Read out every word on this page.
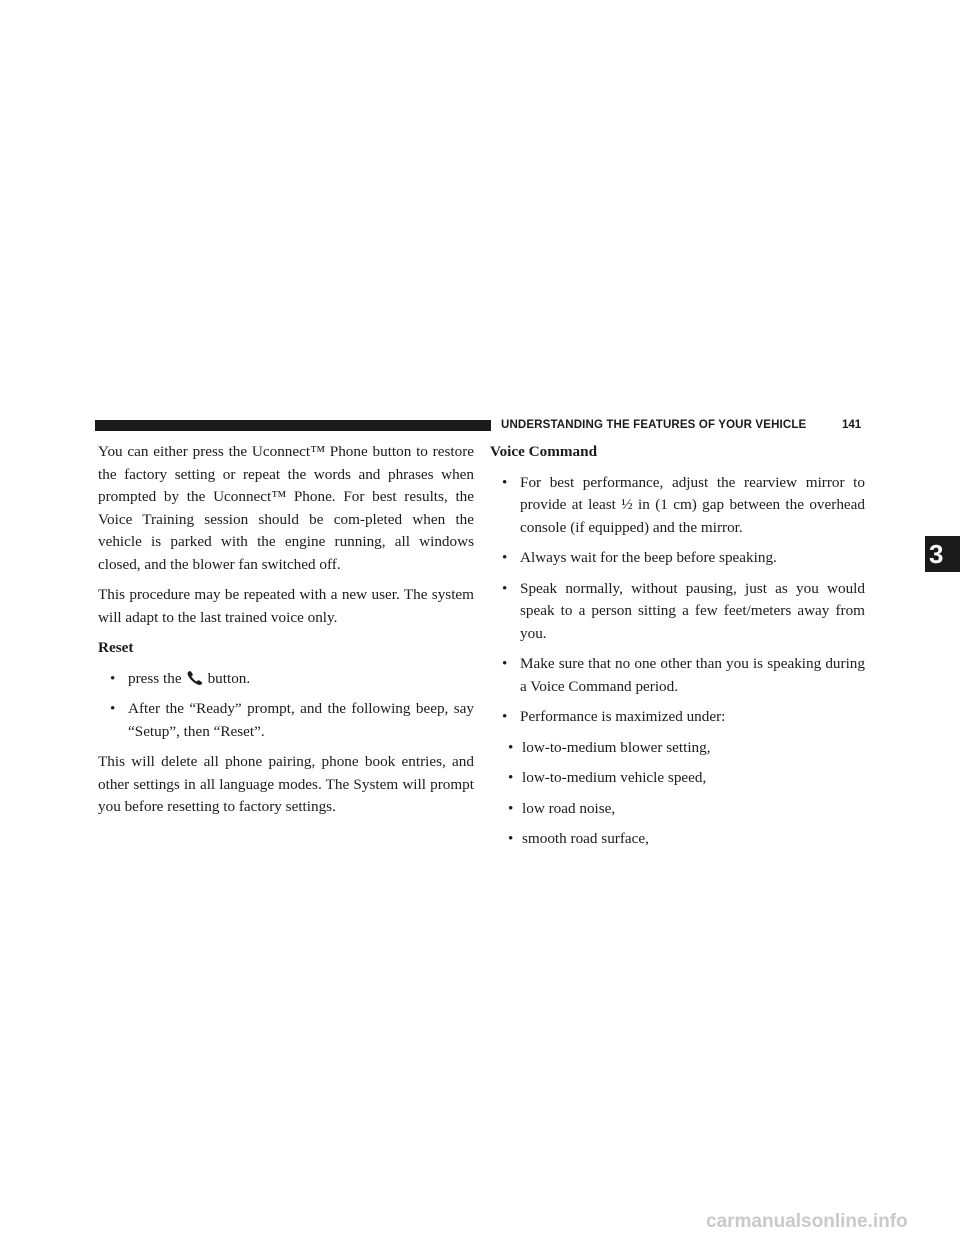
UNDERSTANDING THE FEATURES OF YOUR VEHICLE	141
3

You can either press the Uconnect™ Phone button to restore the factory setting or repeat the words and phrases when prompted by the Uconnect™ Phone. For best results, the Voice Training session should be com-pleted when the vehicle is parked with the engine running, all windows closed, and the blower fan switched off.

This procedure may be repeated with a new user. The system will adapt to the last trained voice only.

Reset

• press the button.
• After the “Ready” prompt, and the following beep, say “Setup”, then “Reset”.

This will delete all phone pairing, phone book entries, and other settings in all language modes. The System will prompt you before resetting to factory settings.

Voice Command

• For best performance, adjust the rearview mirror to provide at least ½ in (1 cm) gap between the overhead console (if equipped) and the mirror.
• Always wait for the beep before speaking.
• Speak normally, without pausing, just as you would speak to a person sitting a few feet/meters away from you.
• Make sure that no one other than you is speaking during a Voice Command period.
• Performance is maximized under:
• low-to-medium blower setting,
• low-to-medium vehicle speed,
• low road noise,
• smooth road surface,
carmanualsonline.info
